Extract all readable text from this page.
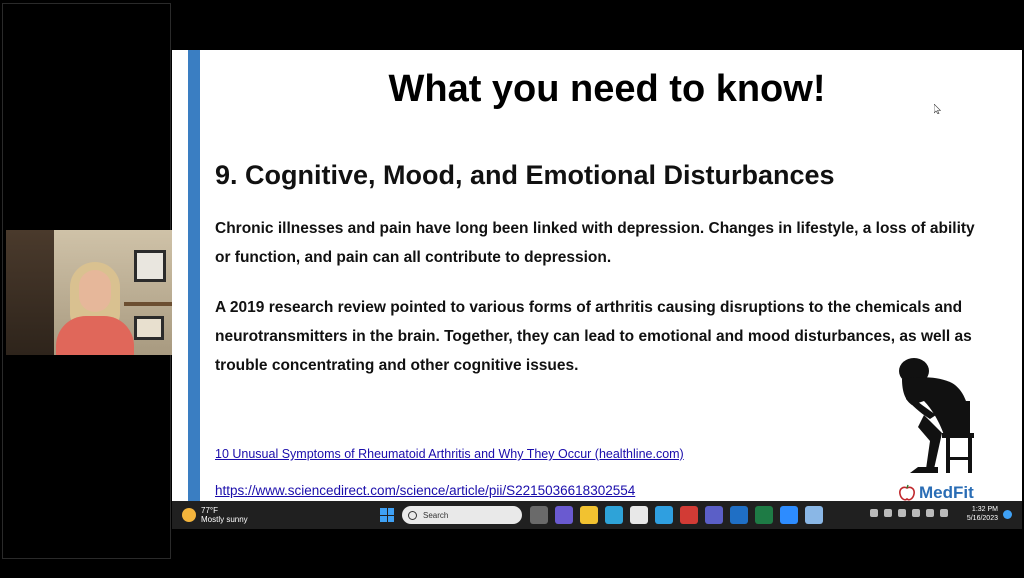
What you need to know!
9. Cognitive, Mood, and Emotional Disturbances

Chronic illnesses and pain have long been linked with depression. Changes in lifestyle, a loss of ability or function, and pain can all contribute to depression.

A 2019 research review pointed to various forms of arthritis causing disruptions to the chemicals and neurotransmitters in the brain. Together, they can lead to emotional and mood disturbances, as well as trouble concentrating and other cognitive issues.

10 Unusual Symptoms of Rheumatoid Arthritis and Why They Occur (healthline.com)
https://www.sciencedirect.com/science/article/pii/S2215036618302554	MedFit
77°F
Mostly sunny	Search
1:32 PM
5/16/2023
